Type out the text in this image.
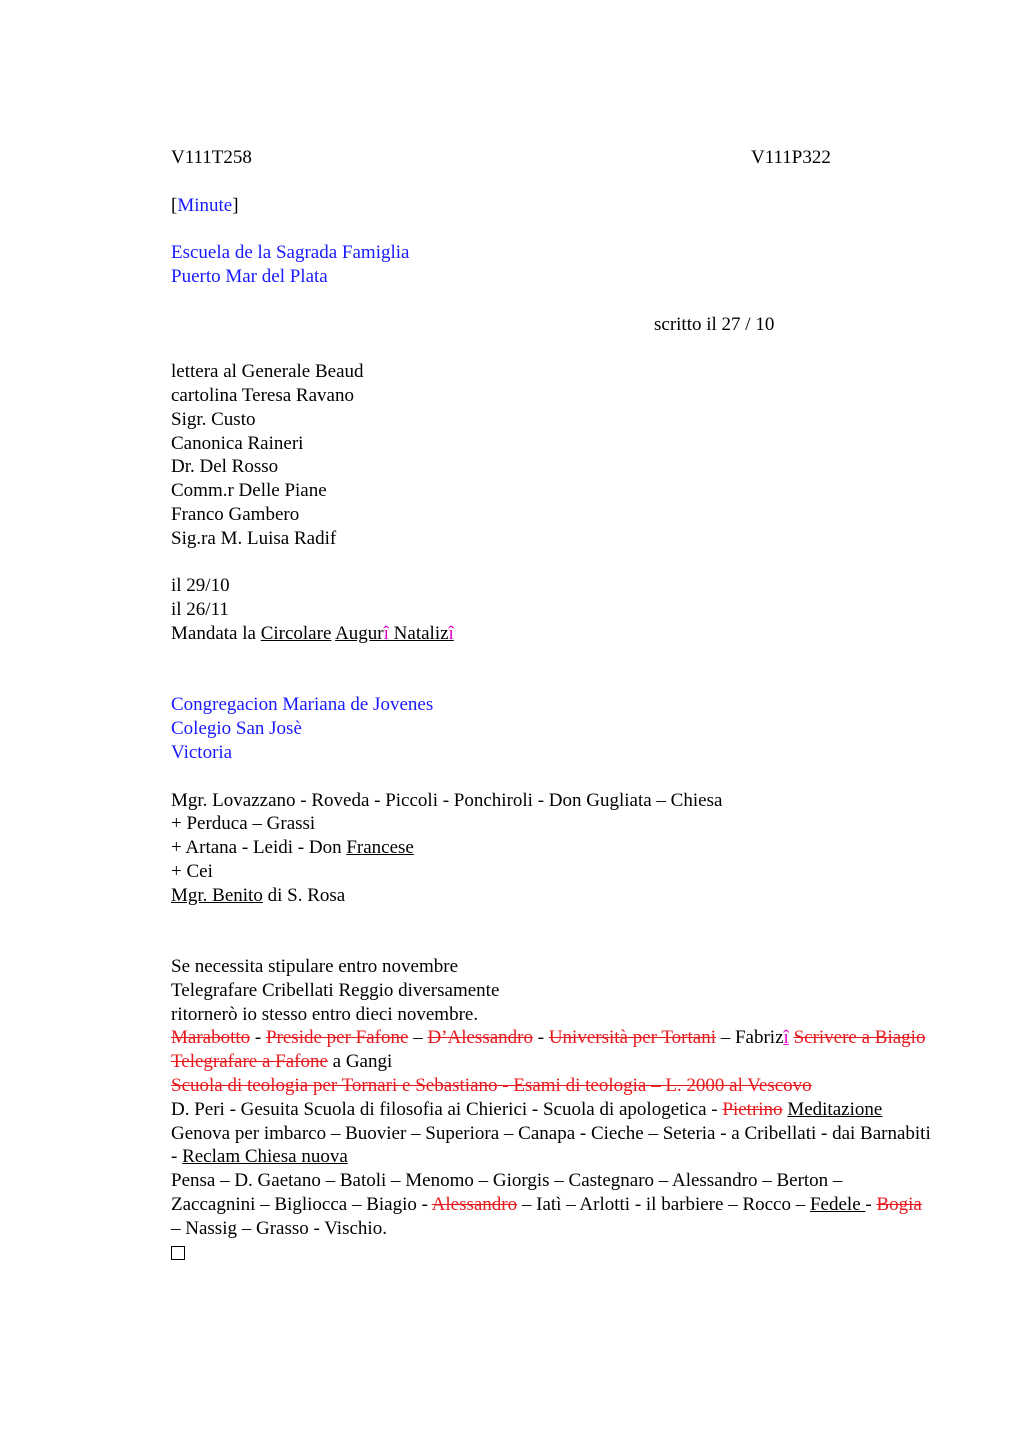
V111T258	V111P322
[Minute]
Escuela de la Sagrada Famiglia
Puerto Mar del Plata
scritto il 27 / 10
lettera al Generale Beaud
cartolina Teresa Ravano
Sigr. Custo
Canonica Raineri
Dr. Del Rosso
Comm.r Delle Piane
Franco Gambero
Sig.ra M. Luisa Radif
il 29/10
il 26/11
Mandata la Circolare Augurî Natalizî
Congregacion Mariana de Jovenes
Colegio San Josè
Victoria
Mgr. Lovazzano - Roveda - Piccoli - Ponchiroli - Don Gugliata – Chiesa
+ Perduca – Grassi
+ Artana - Leidi - Don Francese
+ Cei
Mgr. Benito di S. Rosa
Se necessita stipulare entro novembre
Telegrafare Cribellati Reggio diversamente
ritornerò io stesso entro dieci novembre.
Marabotto - Preside per Fafone – D’Alessandro - Università per Tortani – Fabrizî Scrivere a Biagio Telegrafare a Fafone a Gangi
Scuola di teologia per Tornari e Sebastiano - Esami di teologia – L. 2000 al Vescovo
D. Peri - Gesuita Scuola di filosofia ai Chierici - Scuola di apologetica - Pietrino Meditazione
Genova per imbarco – Buovier – Superiora – Canapa - Cieche – Seteria - a Cribellati - dai Barnabiti - Reclam Chiesa nuova
Pensa – D. Gaetano – Batoli – Menomo – Giorgis – Castegnaro – Alessandro – Berton – Zaccagnini – Bigliocca – Biagio - Alessandro – Iatì – Arlotti - il barbiere – Rocco – Fedele - Bogia – Nassig – Grasso - Vischio.
